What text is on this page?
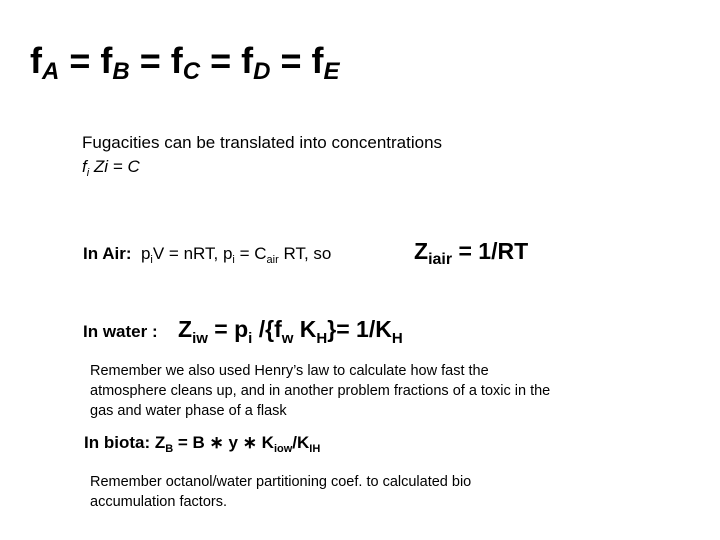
$f_A = f_B = f_C = f_D = f_E$
Fugacities can be translated into concentrations
$f_i$ Zi = C
In Air: $p_iV$ = nRT, $p_i = C_{air}$ RT, so	$Z_{iair} = 1/RT$
In water : $Z_{iw} = p_i$ $/\{f_w$ $K_H\}= 1/K_H$
Remember we also used Henry’s law to calculate how fast the atmosphere cleans up, and in another problem fractions of a toxic in the gas and water phase of a flask
In biota: $Z_B = B$ ∗ y ∗ $K_{iow}/K_{IH}$
Remember octanol/water partitioning coef. to calculated bio accumulation factors.
